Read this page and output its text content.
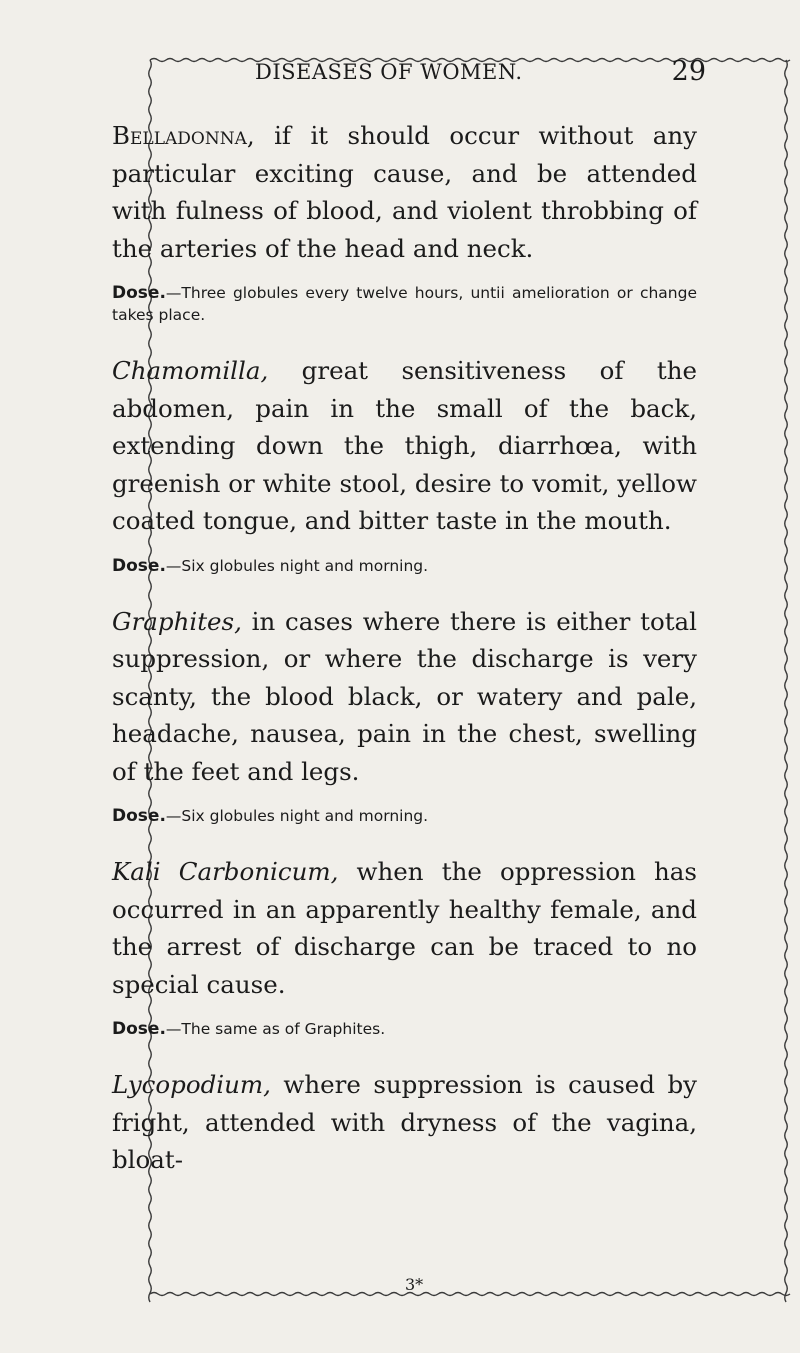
DISEASES OF WOMEN.	29

Belladonna, if it should occur without any particular exciting cause, and be attended with fulness of blood, and violent throbbing of the arteries of the head and neck.

Dose.—Three globules every twelve hours, untii amelioration or change takes place.

Chamomilla, great sensitiveness of the abdomen, pain in the small of the back, extending down the thigh, diarrhœa, with greenish or white stool, desire to vomit, yellow coated tongue, and bitter taste in the mouth.

Dose.—Six globules night and morning.

Graphites, in cases where there is either total suppression, or where the discharge is very scanty, the blood black, or watery and pale, headache, nausea, pain in the chest, swelling of the feet and legs.

Dose.—Six globules night and morning.

Kali Carbonicum, when the oppression has occurred in an apparently healthy female, and the arrest of discharge can be traced to no special cause.

Dose.—The same as of Graphites.

Lycopodium, where suppression is caused by fright, attended with dryness of the vagina, bloat-

3*
